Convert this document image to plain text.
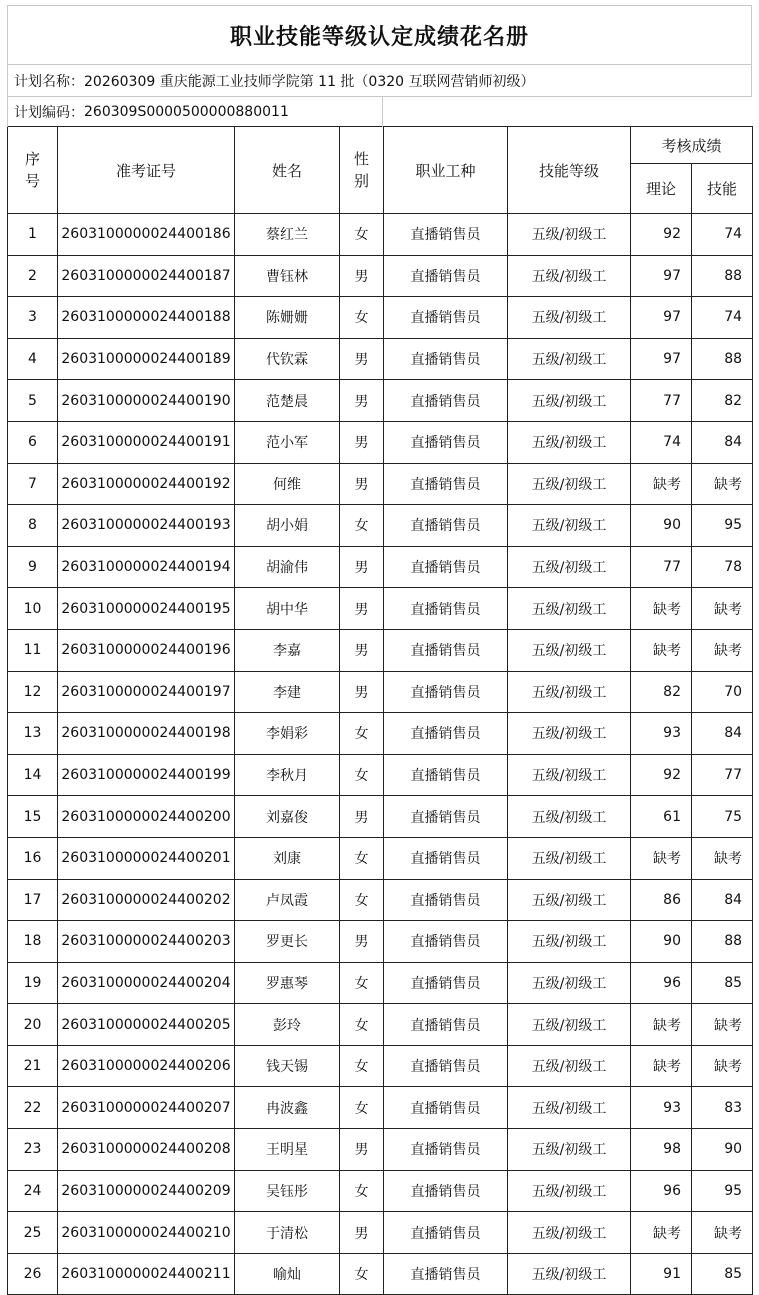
职业技能等级认定成绩花名册
计划名称： 20260309 重庆能源工业技师学院第 11 批（0320 互联网营销师初级）
计划编码： 260309S0000500000880011
序号	准考证号	姓名	性别	职业工种	技能等级	考核成绩	
						理论	技能
1	2603100000024400186	蔡红兰	女	直播销售员	五级/初级工	92	74
2	2603100000024400187	曹钰林	男	直播销售员	五级/初级工	97	88
3	2603100000024400188	陈姗姗	女	直播销售员	五级/初级工	97	74
4	2603100000024400189	代钦霖	男	直播销售员	五级/初级工	97	88
5	2603100000024400190	范楚晨	男	直播销售员	五级/初级工	77	82
6	2603100000024400191	范小军	男	直播销售员	五级/初级工	74	84
7	2603100000024400192	何维	男	直播销售员	五级/初级工	缺考	缺考
8	2603100000024400193	胡小娟	女	直播销售员	五级/初级工	90	95
9	2603100000024400194	胡渝伟	男	直播销售员	五级/初级工	77	78
10	2603100000024400195	胡中华	男	直播销售员	五级/初级工	缺考	缺考
11	2603100000024400196	李嘉	男	直播销售员	五级/初级工	缺考	缺考
12	2603100000024400197	李建	男	直播销售员	五级/初级工	82	70
13	2603100000024400198	李娟彩	女	直播销售员	五级/初级工	93	84
14	2603100000024400199	李秋月	女	直播销售员	五级/初级工	92	77
15	2603100000024400200	刘嘉俊	男	直播销售员	五级/初级工	61	75
16	2603100000024400201	刘康	女	直播销售员	五级/初级工	缺考	缺考
17	2603100000024400202	卢凤霞	女	直播销售员	五级/初级工	86	84
18	2603100000024400203	罗更长	男	直播销售员	五级/初级工	90	88
19	2603100000024400204	罗惠琴	女	直播销售员	五级/初级工	96	85
20	2603100000024400205	彭玲	女	直播销售员	五级/初级工	缺考	缺考
21	2603100000024400206	钱天锡	女	直播销售员	五级/初级工	缺考	缺考
22	2603100000024400207	冉波鑫	女	直播销售员	五级/初级工	93	83
23	2603100000024400208	王明星	男	直播销售员	五级/初级工	98	90
24	2603100000024400209	吴钰彤	女	直播销售员	五级/初级工	96	95
25	2603100000024400210	于清松	男	直播销售员	五级/初级工	缺考	缺考
26	2603100000024400211	喻灿	女	直播销售员	五级/初级工	91	85
